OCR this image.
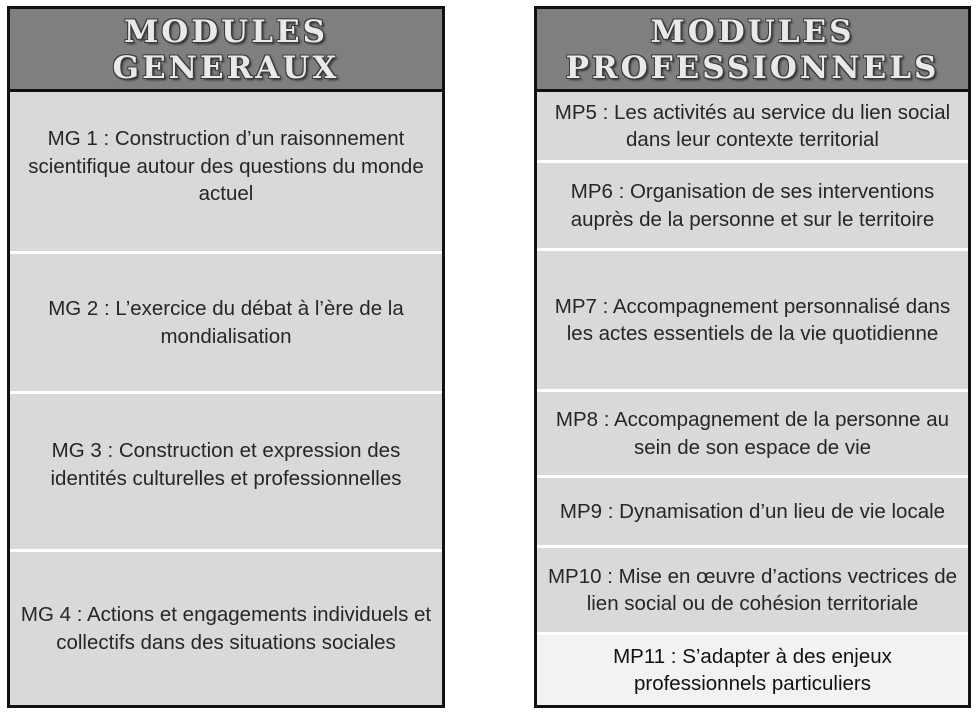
MODULES
GENERAUX
MG 1 : Construction d’un raisonnement scientifique autour des questions du monde actuel
MG 2 : L’exercice du débat à l’ère de la mondialisation
MG 3 : Construction et expression des identités culturelles et professionnelles
MG 4 : Actions et engagements individuels et collectifs dans des situations sociales
MODULES
PROFESSIONNELS
MP5 : Les activités au service du lien social dans leur contexte territorial
MP6 : Organisation de ses interventions auprès de la personne et sur le territoire
MP7 : Accompagnement personnalisé dans les actes essentiels de la vie quotidienne
MP8 : Accompagnement de la personne au sein de son espace de vie
MP9 : Dynamisation d’un lieu de vie locale
MP10 : Mise en œuvre d’actions vectrices de lien social ou de cohésion territoriale
MP11 : S’adapter à des enjeux professionnels particuliers
